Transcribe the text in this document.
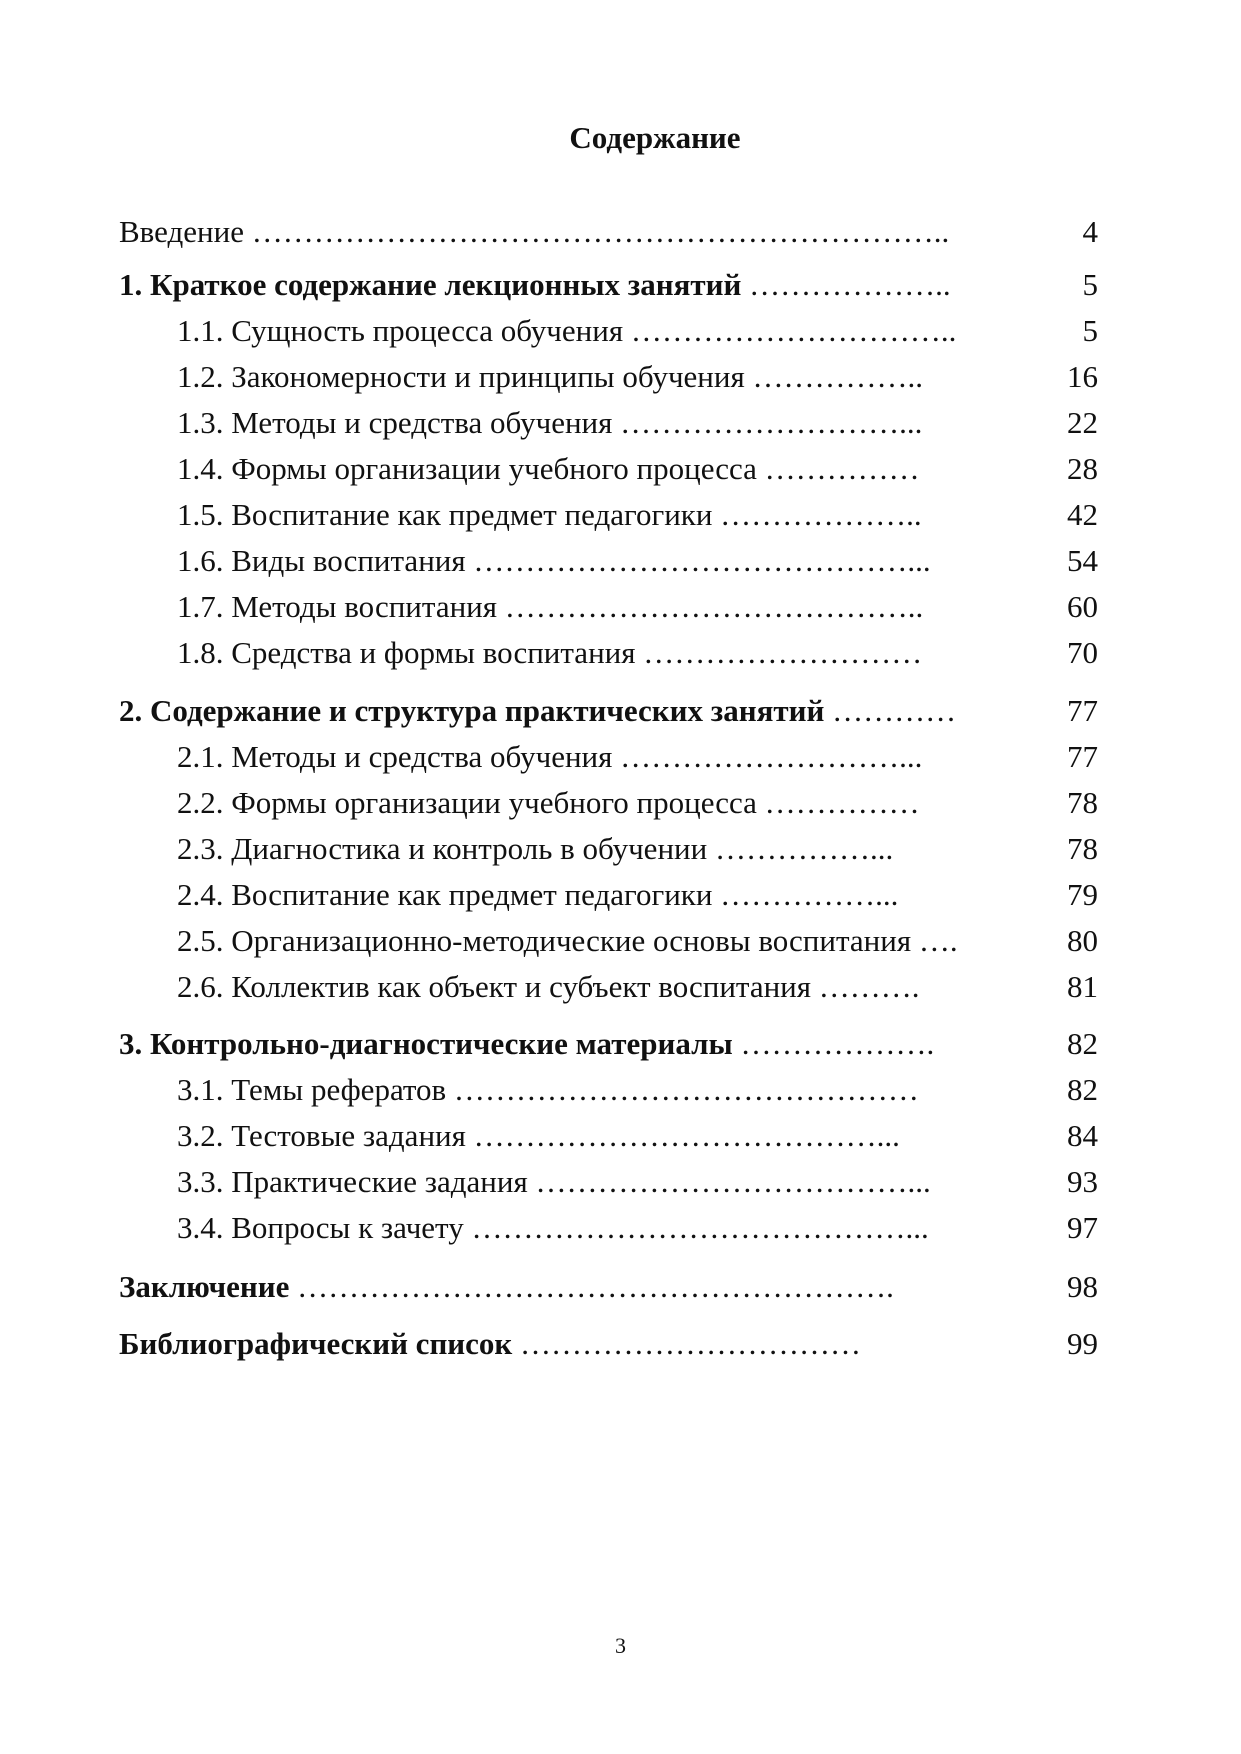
Содержание
Введение …………………………………………………………..	4
1. Краткое содержание лекционных занятий ………………..	5
1.1. Сущность процесса обучения …………………………..	5
1.2. Закономерности и принципы обучения ……………..	16
1.3. Методы и средства обучения ………………………...	22
1.4. Формы организации учебного процесса ……………	28
1.5. Воспитание как предмет педагогики ………………..	42
1.6. Виды воспитания ……………………………………...	54
1.7. Методы воспитания …………………………………..	60
1.8. Средства и формы воспитания ………………………	70
2. Содержание и структура практических занятий …………	77
2.1. Методы и средства обучения ………………………...	77
2.2. Формы организации учебного процесса ……………	78
2.3. Диагностика и контроль в обучении ……………...	78
2.4. Воспитание как предмет педагогики ……………...	79
2.5. Организационно-методические основы воспитания ….	80
2.6. Коллектив как объект и субъект воспитания ……….	81
3. Контрольно-диагностические материалы ……………….	82
3.1. Темы рефератов ………………………………………	82
3.2. Тестовые задания …………………………………...	84
3.3. Практические задания ………………………………...	93
3.4. Вопросы к зачету ……………………………………...	97
Заключение ………………………………………………….	98
Библиографический список ……………………………	99
3
